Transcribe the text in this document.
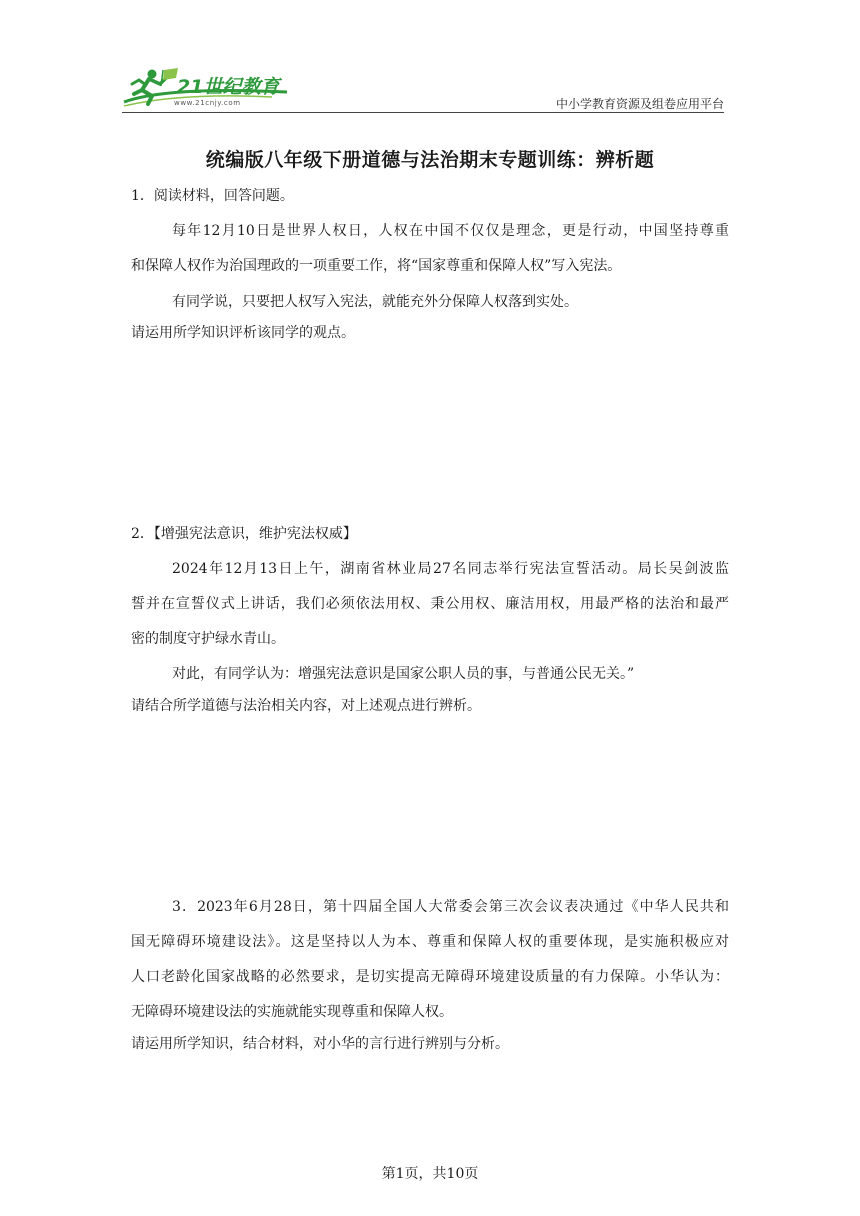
21世纪教育
www.21cnjy.com	中小学教育资源及组卷应用平台
统编版八年级下册道德与法治期末专题训练：辨析题
1．阅读材料，回答问题。
每年12月10日是世界人权日，人权在中国不仅仅是理念，更是行动，中国坚持尊重
和保障人权作为治国理政的一项重要工作，将“国家尊重和保障人权”写入宪法。
有同学说，只要把人权写入宪法，就能充外分保障人权落到实处。
请运用所学知识评析该同学的观点。
2．【增强宪法意识，维护宪法权威】
2024年12月13日上午，湖南省林业局27名同志举行宪法宣誓活动。局长吴剑波监
誓并在宣誓仪式上讲话，我们必须依法用权、秉公用权、廉洁用权，用最严格的法治和最严
密的制度守护绿水青山。
对此，有同学认为：增强宪法意识是国家公职人员的事，与普通公民无关。”
请结合所学道德与法治相关内容，对上述观点进行辨析。
3．2023年6月28日，第十四届全国人大常委会第三次会议表决通过《中华人民共和
国无障碍环境建设法》。这是坚持以人为本、尊重和保障人权的重要体现，是实施积极应对
人口老龄化国家战略的必然要求，是切实提高无障碍环境建设质量的有力保障。小华认为：
无障碍环境建设法的实施就能实现尊重和保障人权。
请运用所学知识，结合材料，对小华的言行进行辨别与分析。
第1页，共10页
